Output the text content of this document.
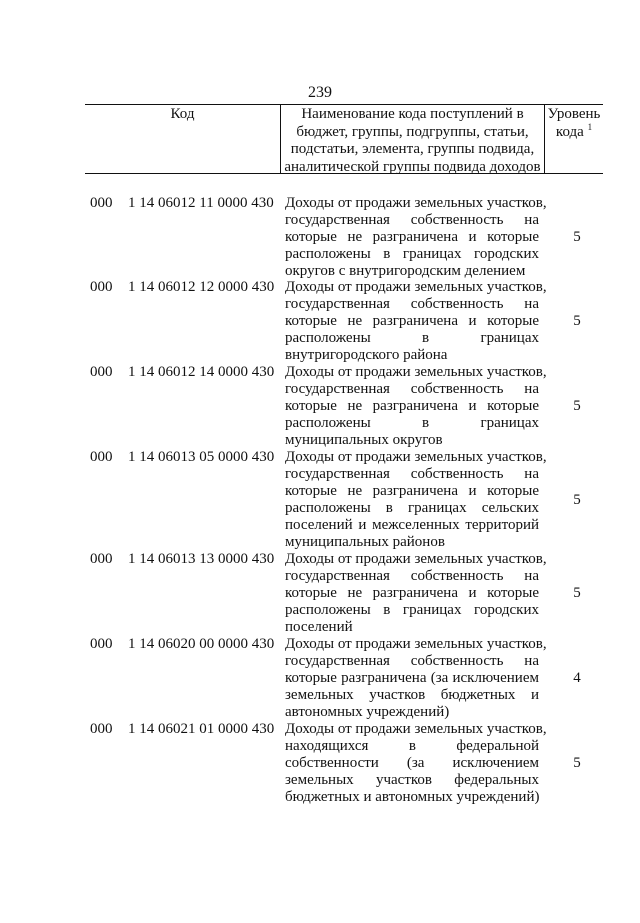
239
Код	Наименование кода поступлений в
бюджет, группы, подгруппы, статьи,
подстатьи, элемента, группы подвида,
аналитической группы подвида доходов
Уровень
кода $^1$
000 1 14 06012 11 0000 430 Доходы от продажи земельных участков,
государственная собственность на
которые не разграничена и которые
расположены в границах городских
округов с внутригородским делением
5
000 1 14 06012 12 0000 430 Доходы от продажи земельных участков,
государственная собственность на
которые не разграничена и которые
расположены в границах
внутригородского района
5
000 1 14 06012 14 0000 430 Доходы от продажи земельных участков,
государственная собственность на
которые не разграничена и которые
расположены в границах
муниципальных округов
5
000 1 14 06013 05 0000 430 Доходы от продажи земельных участков,
государственная собственность на
которые не разграничена и которые
расположены в границах сельских
поселений и межселенных территорий
муниципальных районов
5
000 1 14 06013 13 0000 430 Доходы от продажи земельных участков,
государственная собственность на
которые не разграничена и которые
расположены в границах городских
поселений
5
000 1 14 06020 00 0000 430 Доходы от продажи земельных участков,
государственная собственность на
которые разграничена (за исключением
земельных участков бюджетных и
автономных учреждений)
4
000 1 14 06021 01 0000 430 Доходы от продажи земельных участков,
находящихся в федеральной
собственности (за исключением
земельных участков федеральных
бюджетных и автономных учреждений)
5
